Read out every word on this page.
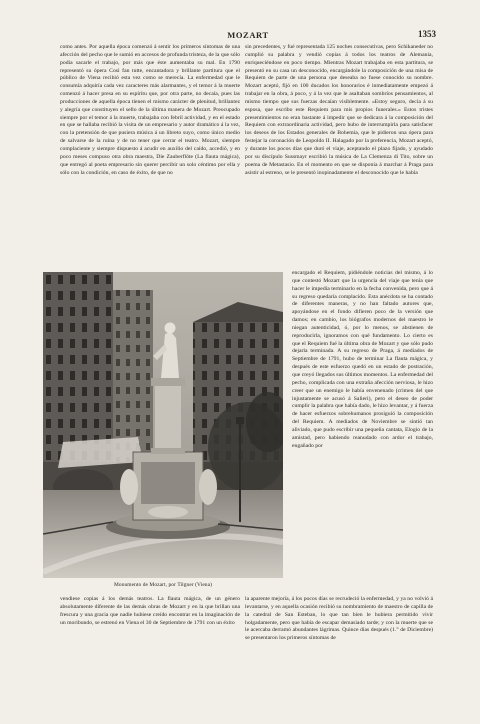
MOZART	1353

como antes. Por aquella época comenzó á sentir los primeros síntomas de una afección del pecho que le sumió en accesos de profunda tristeza, de la que sólo podía sacarle el trabajo, por más que éste aumentaba su mal. En 1790 representó su ópera Così fan tutte, encantadora y brillante partitura que el público de Viena recibió esta vez como se merecía. La enfermedad que le consumía adquiría cada vez caracteres más alarmantes, y el temor á la muerte comenzó á hacer presa en su espíritu que, por otra parte, no decaía, pues las producciones de aquella época tienen el mismo carácter de plenitud, brillantez y alegría que constituyen el sello de la última manera de Mozart. Preocupado siempre por el temor á la muerte, trabajaba con febril actividad, y en el estado en que se hallaba recibió la visita de un empresario y autor dramático á la vez, con la pretensión de que pusiera música á un libreto suyo, como único medio de salvarse de la ruina y de no tener que cerrar el teatro. Mozart, siempre complaciente y siempre dispuesto á acudir en auxilio del caído, accedió, y en poco meses compuso otra obra maestra, Die Zauberflöte (La flauta mágica), que entregó al poeta empresario sin querer percibir un solo céntimo por ella y sólo con la condición, en caso de éxito, de que no

sin precedentes, y fué representada 125 noches consecutivas, pero Schikaneder no cumplió su palabra y vendió copias á todos los teatros de Alemania, enriqueciéndose en poco tiempo. Mientras Mozart trabajaba en esta partitura, se presentó en su casa un desconocido, encargándole la composición de una misa de Requiem de parte de una persona que deseaba no fuese conocido su nombre. Mozart aceptó, fijó en 100 ducados los honorarios é inmediatamente empezó á trabajar en la obra, á poco, y á la vez que le asaltaban sombríos pensamientos, al mismo tiempo que sus fuerzas decaían visiblemente. «Estoy seguro, decía á su esposa, que escribo este Requiem para mis propios funerales.» Estos tristes presentimientos no eran bastante á impedir que se dedicara á la composición del Requiem con extraordinaria actividad, pero hubo de interrumpirla para satisfacer los deseos de los Estados generales de Bohemia, que le pidieron una ópera para festejar la coronación de Leopoldo II. Halagado por la preferencia, Mozart aceptó, y durante los pocos días que duró el viaje, aceptando el plazo fijado, y ayudado por su discípulo Sussmayr escribió la música de La Clemenza di Tito, sobre un poema de Metastasio. En el momento en que se disponía á marchar á Praga para asistir al estreno, se le presentó inopinadamente el desconocido que le había

encargado el Requiem, pidiéndole noticias del mismo, á lo que contestó Mozart que la urgencia del viaje que tenía que hacer le impedía terminarlo en la fecha convenida, pero que á su regreso quedaría complacido. Esta anécdota se ha contado de diferentes maneras, y no han faltado autores que, apoyándose en el fondo difieren poco de la versión que damos; en cambio, los biógrafos modernos del maestro le niegan autenticidad, ó, por lo menos, se abstienen de reproducirla, ignoramos con qué fundamento. Lo cierto es que el Requiem fué la última obra de Mozart y que sólo pudo dejarla terminada. A su regreso de Praga, á mediados de Septiembre de 1791, hubo de terminar La flauta mágica, y después de este esfuerzo quedó en un estado de postración, que creyó llegados sus últimos momentos. La enfermedad del pecho, complicada con una extraña afección nerviosa, le hizo creer que un enemigo le había envenenado (crimen del que injustamente se acusó á Salieri), pero el deseo de poder cumplir la palabra que había dado, le hizo levantar, y á fuerza de hacer esfuerzos sobrehumanos prosiguió la composición del Requiem. A mediados de Noviembre se sintió tan aliviado, que pudo escribir una pequeña cantata, Elogio de la amistad, pero habiendo reanudado con ardor el trabajo, engañado por

Monumento de Mozart, por Tilgner (Viena)

vendiese copias á los demás teatros. La flauta mágica, de un género absolutamente diferente de las demás obras de Mozart y en la que brillan una frescura y una gracia que nadie hubiese creído encontrar en la imaginación de un moribundo, se estrenó en Viena el 30 de Septiembre de 1791 con un éxito

la aparente mejoría, á los pocos días se recrudeció la enfermedad, y ya no volvió á levantarse, y en aquella ocasión recibió su nombramiento de maestro de capilla de la catedral de San Esteban, lo que tan bien le hubiera permitido vivir holgadamente, pero que había de escapar demasiado tarde; y con la muerte que se le acercaba derramó abundantes lágrimas. Quince días después (1.° de Diciembre) se presentaron los primeros síntomas de
